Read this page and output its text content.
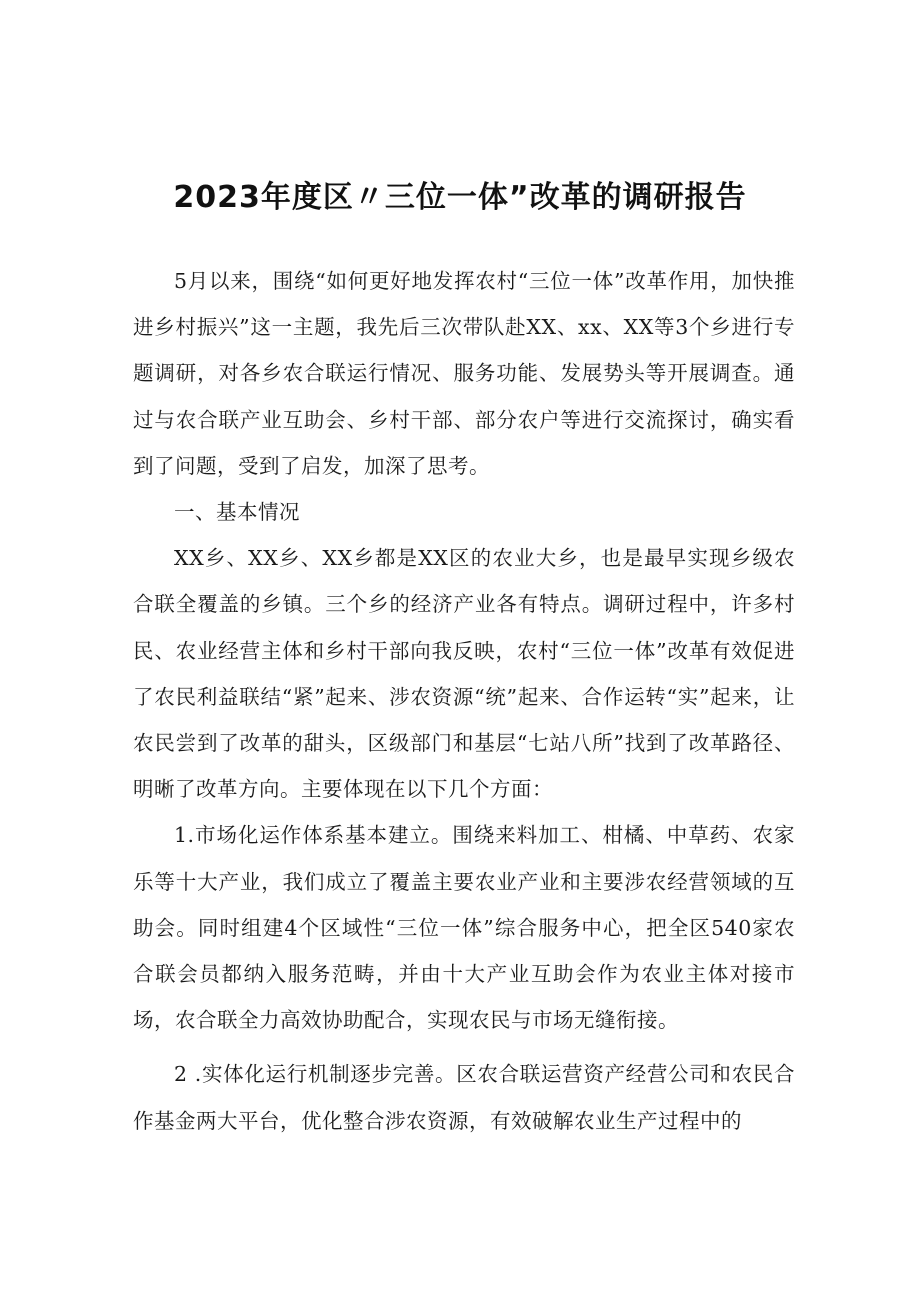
2023年度区〃三位一体”改革的调研报告

5月以来，围绕“如何更好地发挥农村“三位一体”改革作用，加快推进乡村振兴”这一主题，我先后三次带队赴XX、xx、XX等3个乡进行专题调研，对各乡农合联运行情况、服务功能、发展势头等开展调查。通过与农合联产业互助会、乡村干部、部分农户等进行交流探讨，确实看到了问题，受到了启发，加深了思考。

一、基本情况

XX乡、XX乡、XX乡都是XX区的农业大乡，也是最早实现乡级农合联全覆盖的乡镇。三个乡的经济产业各有特点。调研过程中，许多村民、农业经营主体和乡村干部向我反映，农村“三位一体”改革有效促进了农民利益联结“紧”起来、涉农资源“统”起来、合作运转“实”起来，让农民尝到了改革的甜头，区级部门和基层“七站八所”找到了改革路径、明晰了改革方向。主要体现在以下几个方面：

1.市场化运作体系基本建立。围绕来料加工、柑橘、中草药、农家乐等十大产业，我们成立了覆盖主要农业产业和主要涉农经营领域的互助会。同时组建4个区域性“三位一体”综合服务中心，把全区540家农合联会员都纳入服务范畴，并由十大产业互助会作为农业主体对接市场，农合联全力高效协助配合，实现农民与市场无缝衔接。

2 .实体化运行机制逐步完善。区农合联运营资产经营公司和农民合作基金两大平台，优化整合涉农资源，有效破解农业生产过程中的
